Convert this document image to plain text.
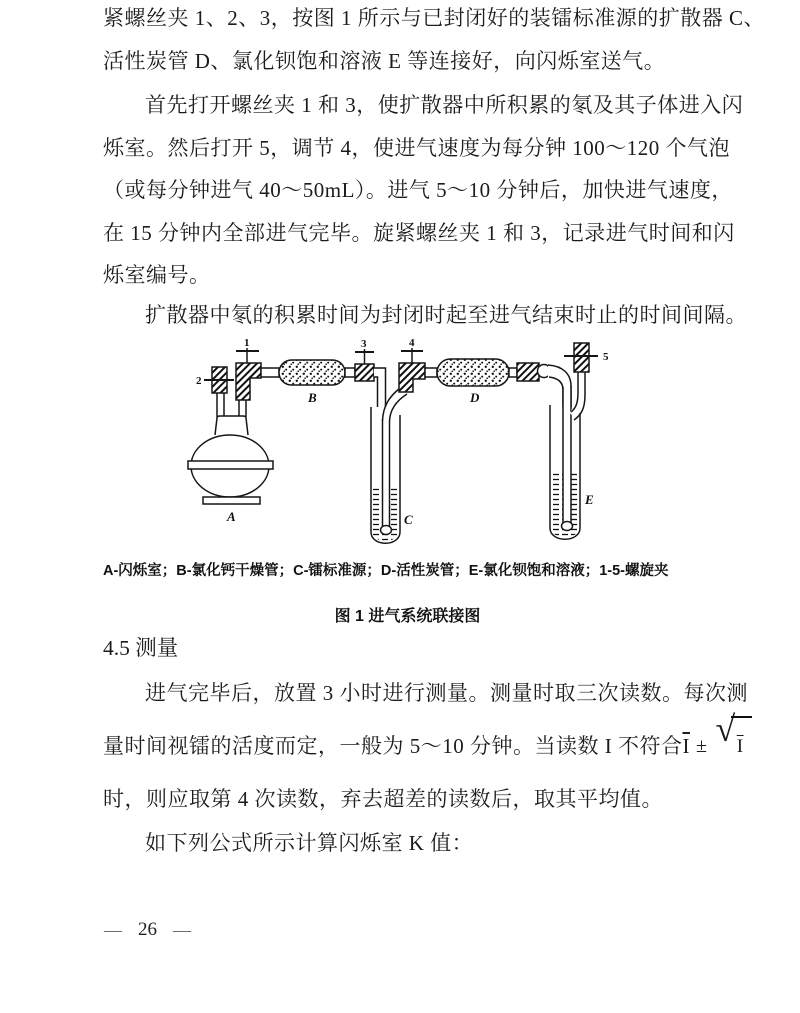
紧螺丝夹 1、2、3，按图 1 所示与已封闭好的装镭标准源的扩散器 C、
活性炭管 D、氯化钡饱和溶液 E 等连接好，向闪烁室送气。
首先打开螺丝夹 1 和 3，使扩散器中所积累的氡及其子体进入闪
烁室。然后打开 5，调节 4，使进气速度为每分钟 100～120 个气泡
（或每分钟进气 40～50mL）。进气 5～10 分钟后，加快进气速度，
在 15 分钟内全部进气完毕。旋紧螺丝夹 1 和 3，记录进气时间和闪
烁室编号。
扩散器中氡的积累时间为封闭时起至进气结束时止的时间间隔。
A-闪烁室；B-氯化钙干燥管；C-镭标准源；D-活性炭管；E-氯化钡饱和溶液；1-5-螺旋夹
图 1 进气系统联接图
4.5 测量
进气完毕后，放置 3 小时进行测量。测量时取三次读数。每次测
量时间视镭的活度而定，一般为 5～10 分钟。当读数 I 不符合 $\overline{I}$ ± √ I
时，则应取第 4 次读数，弃去超差的读数后，取其平均值。
如下列公式所示计算闪烁室 K 值：
A
B
C
D
E
1
2
3	4
5
— 26 —
